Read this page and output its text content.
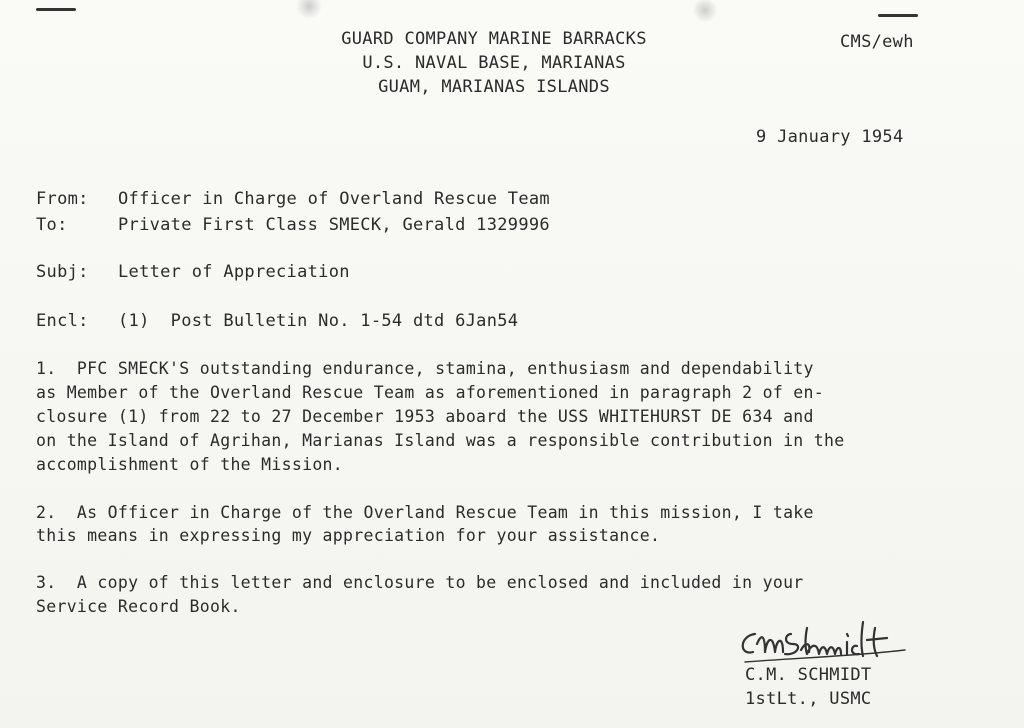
GUARD COMPANY MARINE BARRACKS
U.S. NAVAL BASE, MARIANAS
GUAM, MARIANAS ISLANDS
CMS/ewh
9 January 1954
From: Officer in Charge of Overland Rescue Team
To:	Private First Class SMECK, Gerald 1329996
Subj: Letter of Appreciation
Encl: (1)  Post Bulletin No. 1-54 dtd 6Jan54
1.  PFC SMECK'S outstanding endurance, stamina, enthusiasm and dependability
as Member of the Overland Rescue Team as aforementioned in paragraph 2 of en-
closure (1) from 22 to 27 December 1953 aboard the USS WHITEHURST DE 634 and
on the Island of Agrihan, Marianas Island was a responsible contribution in the
accomplishment of the Mission.
2.  As Officer in Charge of the Overland Rescue Team in this mission, I take
this means in expressing my appreciation for your assistance.
3.  A copy of this letter and enclosure to be enclosed and included in your
Service Record Book.
C.M. SCHMIDT
1stLt., USMC
